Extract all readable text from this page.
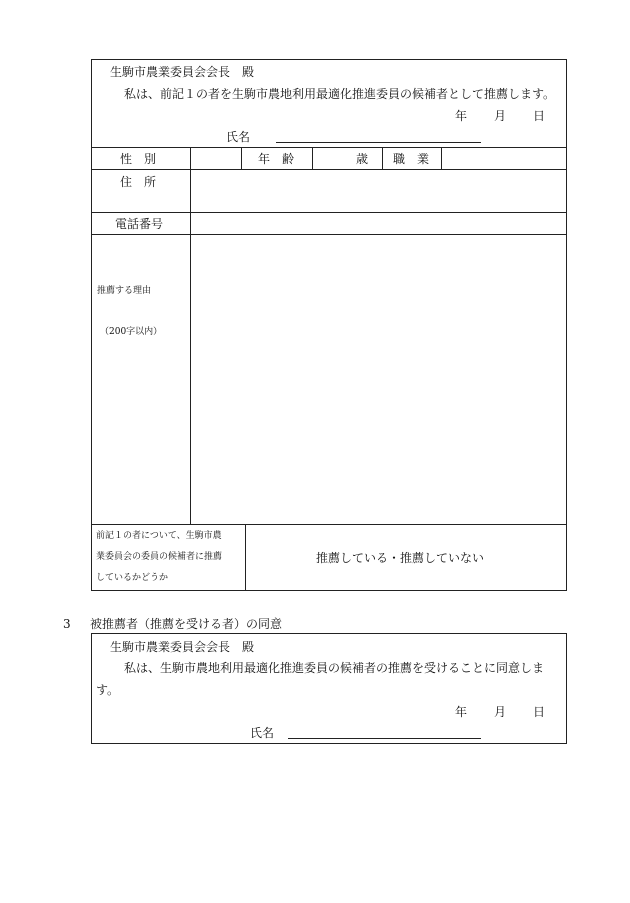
生駒市農業委員会会長　殿
私は、前記１の者を生駒市農地利用最適化推進委員の候補者として推薦します。
年 月 日
氏名
性　別	年　齢	歳 職　業
住　所
電話番号
推薦する理由
（200字以内）
前記１の者について、生駒市農
業委員会の委員の候補者に推薦
しているかどうか
推薦している・推薦していない
3 被推薦者（推薦を受ける者）の同意
生駒市農業委員会会長　殿
私は、生駒市農地利用最適化推進委員の候補者の推薦を受けることに同意しま
す。
年 月 日
氏名
